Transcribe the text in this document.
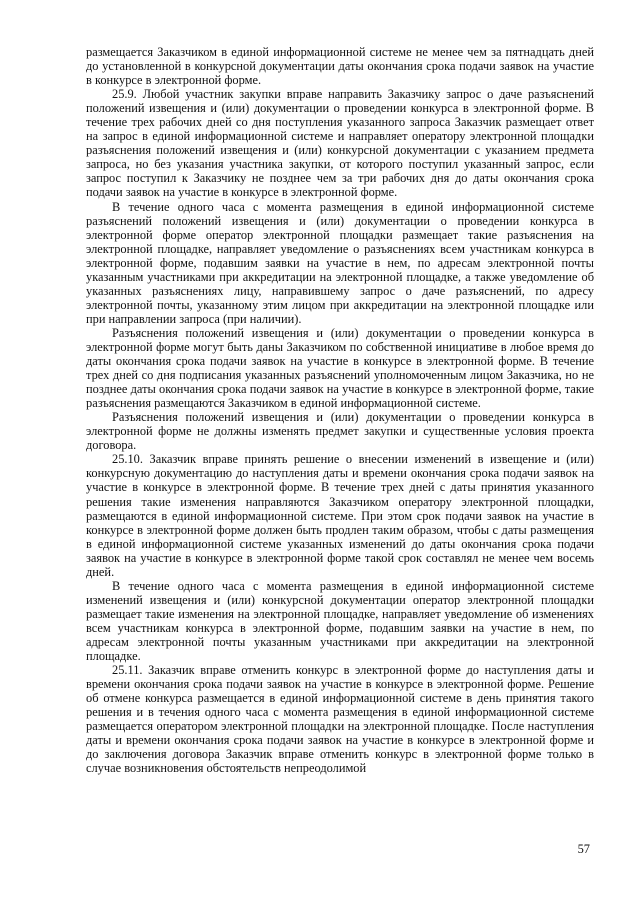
размещается Заказчиком в единой информационной системе не менее чем за пятнадцать дней до установленной в конкурсной документации даты окончания срока подачи заявок на участие в конкурсе в электронной форме.

25.9. Любой участник закупки вправе направить Заказчику запрос о даче разъяснений положений извещения и (или) документации о проведении конкурса в электронной форме. В течение трех рабочих дней со дня поступления указанного запроса Заказчик размещает ответ на запрос в единой информационной системе и направляет оператору электронной площадки разъяснения положений извещения и (или) конкурсной документации с указанием предмета запроса, но без указания участника закупки, от которого поступил указанный запрос, если запрос поступил к Заказчику не позднее чем за три рабочих дня до даты окончания срока подачи заявок на участие в конкурсе в электронной форме.

В течение одного часа с момента размещения в единой информационной системе разъяснений положений извещения и (или) документации о проведении конкурса в электронной форме оператор электронной площадки размещает такие разъяснения на электронной площадке, направляет уведомление о разъяснениях всем участникам конкурса в электронной форме, подавшим заявки на участие в нем, по адресам электронной почты указанным участниками при аккредитации на электронной площадке, а также уведомление об указанных разъяснениях лицу, направившему запрос о даче разъяснений, по адресу электронной почты, указанному этим лицом при аккредитации на электронной площадке или при направлении запроса (при наличии).

Разъяснения положений извещения и (или) документации о проведении конкурса в электронной форме могут быть даны Заказчиком по собственной инициативе в любое время до даты окончания срока подачи заявок на участие в конкурсе в электронной форме. В течение трех дней со дня подписания указанных разъяснений уполномоченным лицом Заказчика, но не позднее даты окончания срока подачи заявок на участие в конкурсе в электронной форме, такие разъяснения размещаются Заказчиком в единой информационной системе.

Разъяснения положений извещения и (или) документации о проведении конкурса в электронной форме не должны изменять предмет закупки и существенные условия проекта договора.

25.10. Заказчик вправе принять решение о внесении изменений в извещение и (или) конкурсную документацию до наступления даты и времени окончания срока подачи заявок на участие в конкурсе в электронной форме. В течение трех дней с даты принятия указанного решения такие изменения направляются Заказчиком оператору электронной площадки, размещаются в единой информационной системе. При этом срок подачи заявок на участие в конкурсе в электронной форме должен быть продлен таким образом, чтобы с даты размещения в единой информационной системе указанных изменений до даты окончания срока подачи заявок на участие в конкурсе в электронной форме такой срок составлял не менее чем восемь дней.

В течение одного часа с момента размещения в единой информационной системе изменений извещения и (или) конкурсной документации оператор электронной площадки размещает такие изменения на электронной площадке, направляет уведомление об изменениях всем участникам конкурса в электронной форме, подавшим заявки на участие в нем, по адресам электронной почты указанным участниками при аккредитации на электронной площадке.

25.11. Заказчик вправе отменить конкурс в электронной форме до наступления даты и времени окончания срока подачи заявок на участие в конкурсе в электронной форме. Решение об отмене конкурса размещается в единой информационной системе в день принятия такого решения и в течения одного часа с момента размещения в единой информационной системе размещается оператором электронной площадки на электронной площадке. После наступления даты и времени окончания срока подачи заявок на участие в конкурсе в электронной форме и до заключения договора Заказчик вправе отменить конкурс в электронной форме только в случае возникновения обстоятельств непреодолимой

57
